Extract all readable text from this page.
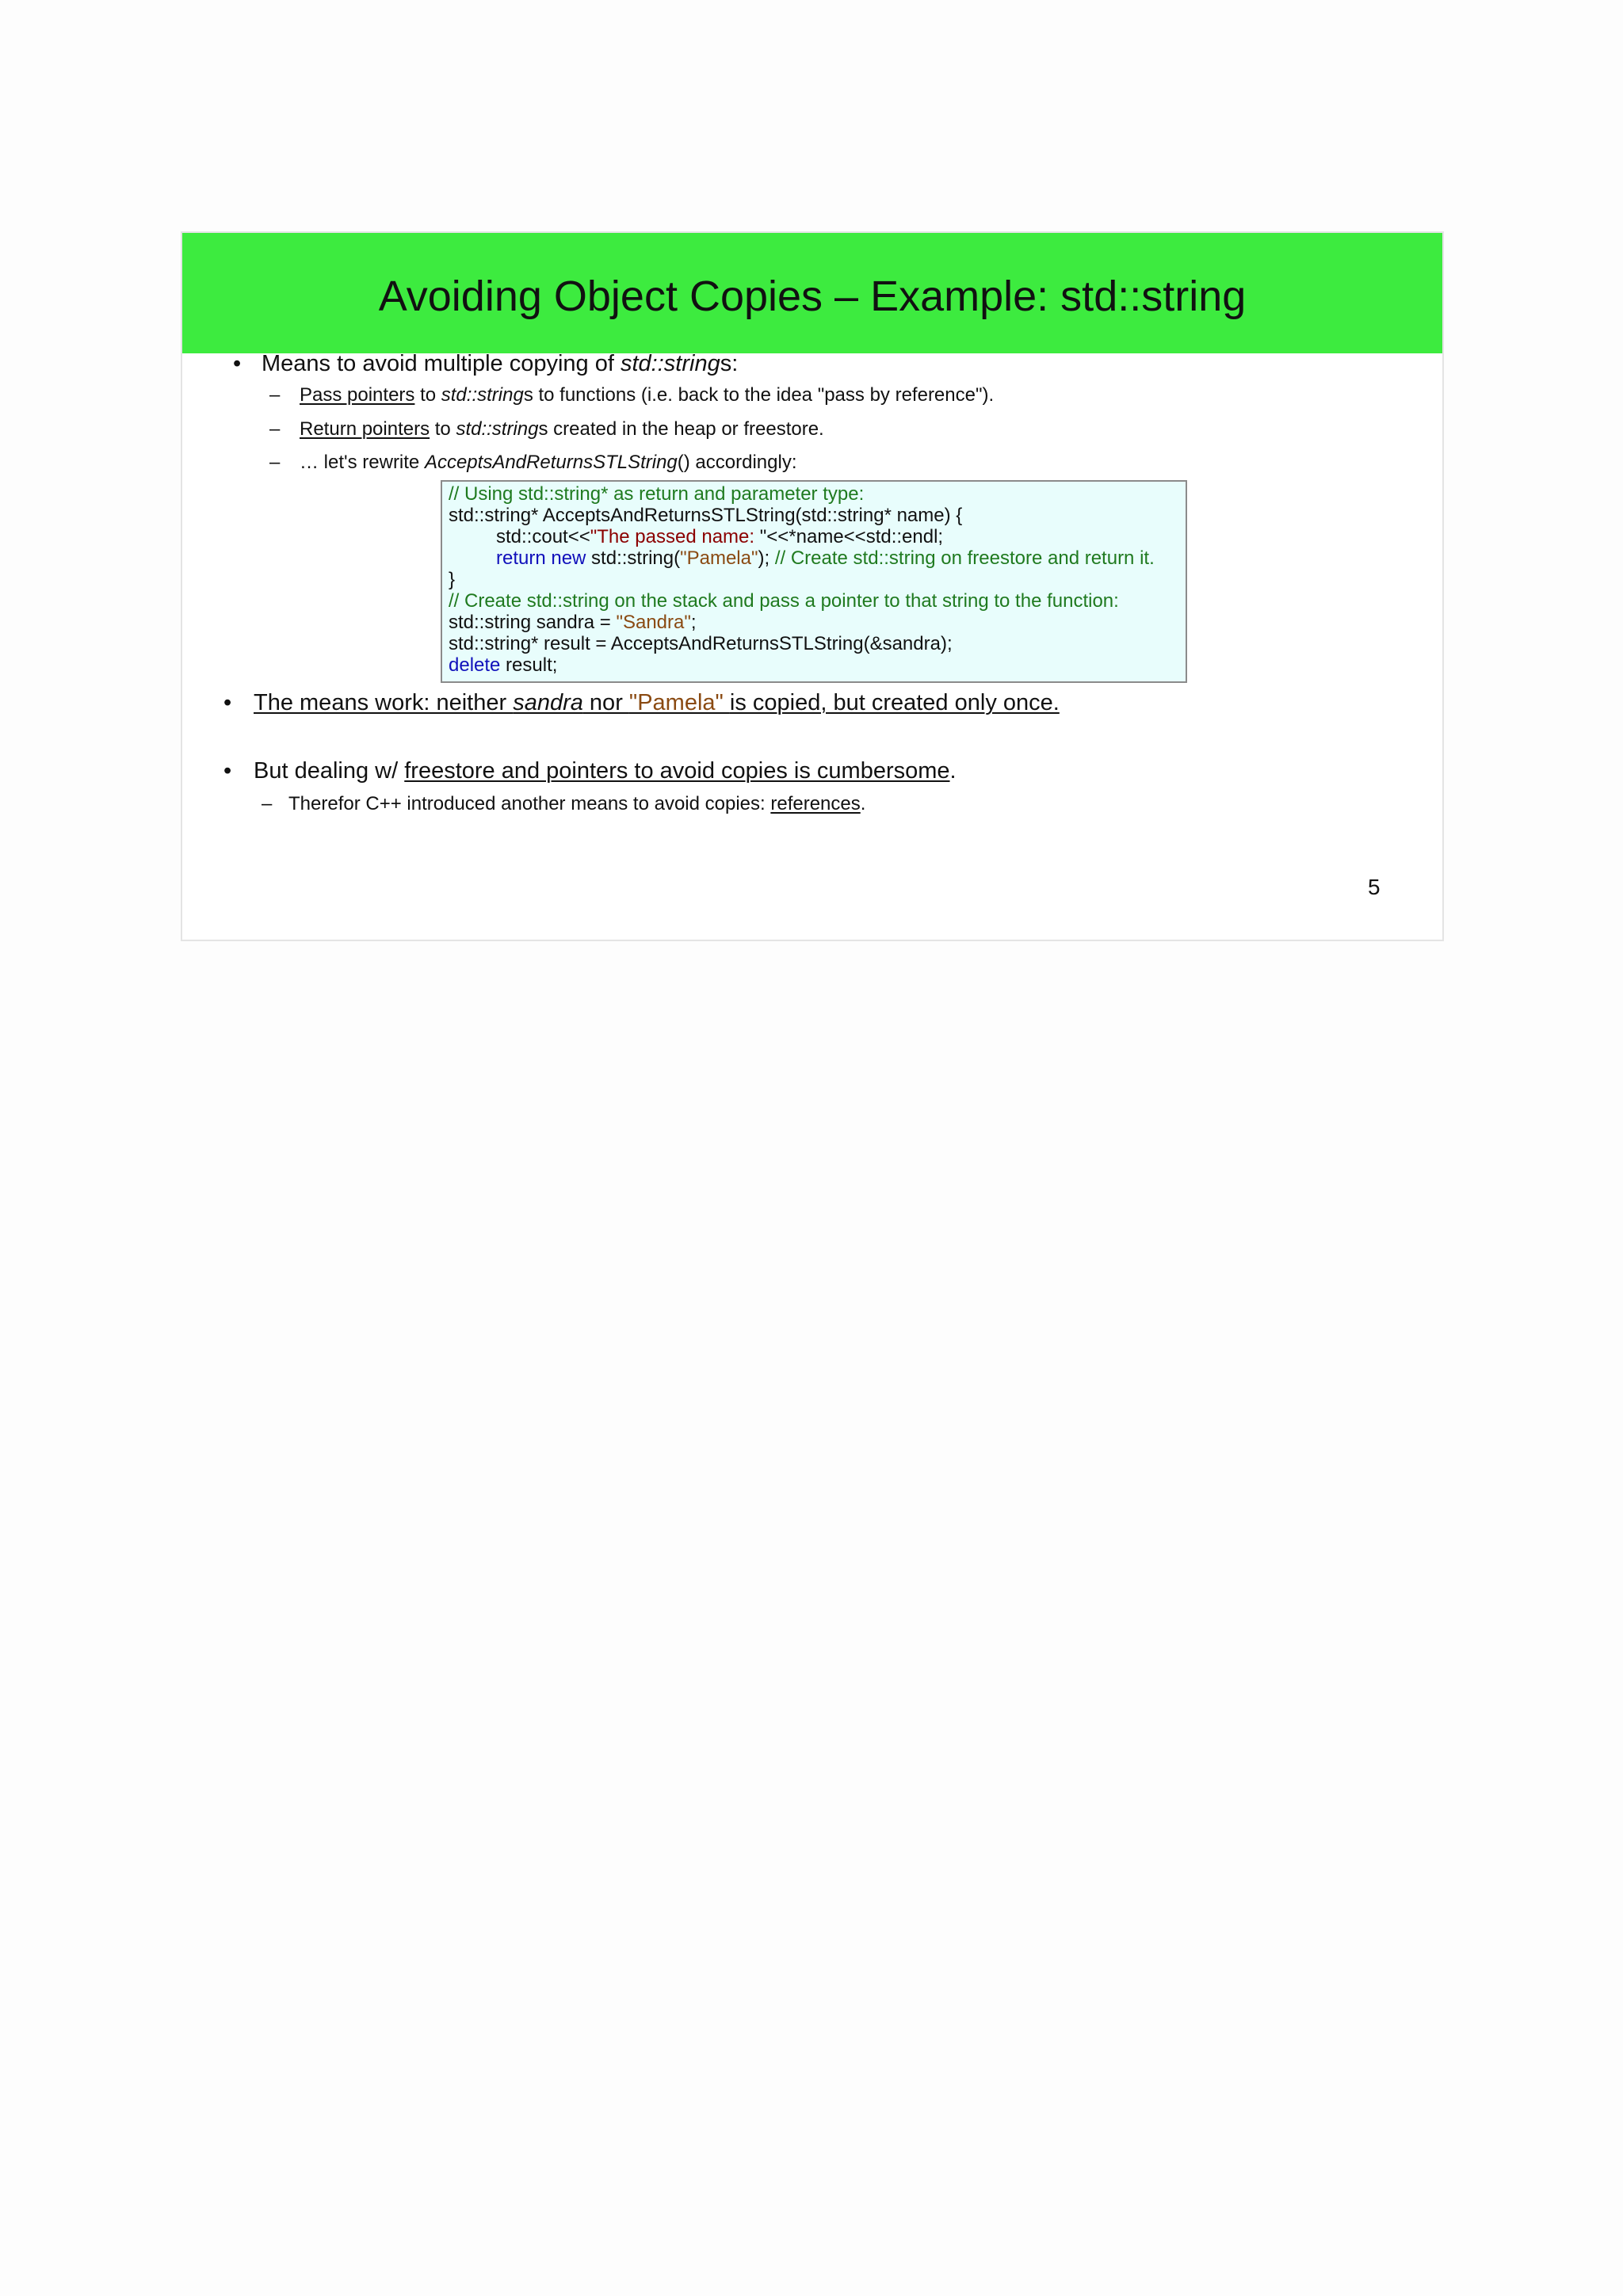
Avoiding Object Copies – Example: std::string
• Means to avoid multiple copying of std::strings:
– Pass pointers to std::strings to functions (i.e. back to the idea "pass by reference").
– Return pointers to std::strings created in the heap or freestore.
– … let's rewrite AcceptsAndReturnsSTLString() accordingly:
// Using std::string* as return and parameter type:
std::string* AcceptsAndReturnsSTLString(std::string* name) {
std::cout<<"The passed name: "<<*name<<std::endl;
return new std::string("Pamela"); // Create std::string on freestore and return it.
}
// Create std::string on the stack and pass a pointer to that string to the function:
std::string sandra = "Sandra";
std::string* result = AcceptsAndReturnsSTLString(&sandra);
delete result;
• The means work: neither sandra nor "Pamela" is copied, but created only once.
• But dealing w/ freestore and pointers to avoid copies is cumbersome.
– Therefor C++ introduced another means to avoid copies: references.
5
